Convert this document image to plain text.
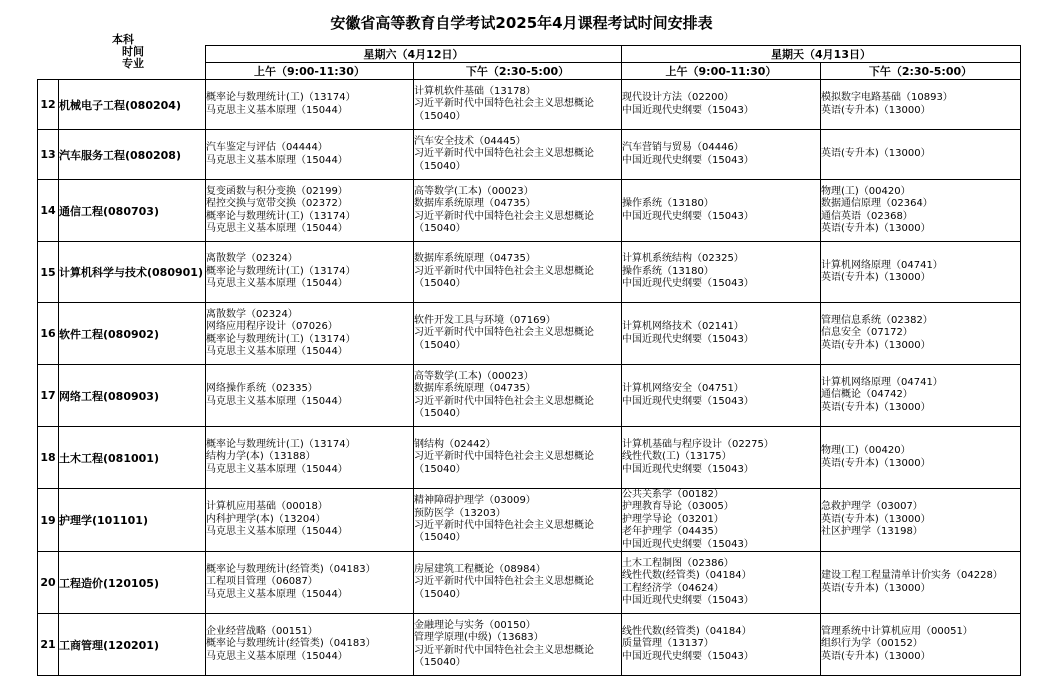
安徽省高等教育自学考试2025年4月课程考试时间安排表
本科
时间
专业
		星期六（4月12日）		星期天（4月13日）	
		上午（9:00-11:30）	下午（2:30-5:00）	上午（9:00-11:30）	下午（2:30-5:00）
12	机械电子工程(080204)	概率论与数理统计(工)（13174）
马克思主义基本原理（15044）	计算机软件基础（13178）
习近平新时代中国特色社会主义思想概论
（15040）	现代设计方法（02200）
中国近现代史纲要（15043）	模拟数字电路基础（10893）
英语(专升本)（13000）

13	汽车服务工程(080208)	汽车鉴定与评估（04444）
马克思主义基本原理（15044）	汽车安全技术（04445）
习近平新时代中国特色社会主义思想概论
（15040）	汽车营销与贸易（04446）
中国近现代史纲要（15043）	英语(专升本)（13000）

14	通信工程(080703)	复变函数与积分变换（02199）
程控交换与宽带交换（02372）
概率论与数理统计(工)（13174）
马克思主义基本原理（15044）	高等数学(工本)（00023）
数据库系统原理（04735）
习近平新时代中国特色社会主义思想概论
（15040）	操作系统（13180）
中国近现代史纲要（15043）	物理(工)（00420）
数据通信原理（02364）
通信英语（02368）
英语(专升本)（13000）

15	计算机科学与技术(080901)	离散数学（02324）
概率论与数理统计(工)（13174）
马克思主义基本原理（15044）	数据库系统原理（04735）
习近平新时代中国特色社会主义思想概论
（15040）	计算机系统结构（02325）
操作系统（13180）
中国近现代史纲要（15043）	计算机网络原理（04741）
英语(专升本)（13000）

16	软件工程(080902)	离散数学（02324）
网络应用程序设计（07026）
概率论与数理统计(工)（13174）
马克思主义基本原理（15044）	软件开发工具与环境（07169）
习近平新时代中国特色社会主义思想概论
（15040）	计算机网络技术（02141）
中国近现代史纲要（15043）	管理信息系统（02382）
信息安全（07172）
英语(专升本)（13000）

17	网络工程(080903)	网络操作系统（02335）
马克思主义基本原理（15044）	高等数学(工本)（00023）
数据库系统原理（04735）
习近平新时代中国特色社会主义思想概论
（15040）	计算机网络安全（04751）
中国近现代史纲要（15043）	计算机网络原理（04741）
通信概论（04742）
英语(专升本)（13000）

18	土木工程(081001)	概率论与数理统计(工)（13174）
结构力学(本)（13188）
马克思主义基本原理（15044）	钢结构（02442）
习近平新时代中国特色社会主义思想概论
（15040）	计算机基础与程序设计（02275）
线性代数(工)（13175）
中国近现代史纲要（15043）	物理(工)（00420）
英语(专升本)（13000）

19	护理学(101101)	计算机应用基础（00018）
内科护理学(本)（13204）
马克思主义基本原理（15044）	精神障碍护理学（03009）
预防医学（13203）
习近平新时代中国特色社会主义思想概论
（15040）	公共关系学（00182）
护理教育导论（03005）
护理学导论（03201）
老年护理学（04435）
中国近现代史纲要（15043）	急救护理学（03007）
英语(专升本)（13000）
社区护理学（13198）

20	工程造价(120105)	概率论与数理统计(经管类)（04183）
工程项目管理（06087）
马克思主义基本原理（15044）	房屋建筑工程概论（08984）
习近平新时代中国特色社会主义思想概论
（15040）	土木工程制图（02386）
线性代数(经管类)（04184）
工程经济学（04624）
中国近现代史纲要（15043）	建设工程工程量清单计价实务（04228）
英语(专升本)（13000）

21	工商管理(120201)	企业经营战略（00151）
概率论与数理统计(经管类)（04183）
马克思主义基本原理（15044）	金融理论与实务（00150）
管理学原理(中级)（13683）
习近平新时代中国特色社会主义思想概论
（15040）	线性代数(经管类)（04184）
质量管理（13137）
中国近现代史纲要（15043）	管理系统中计算机应用（00051）
组织行为学（00152）
英语(专升本)（13000）
